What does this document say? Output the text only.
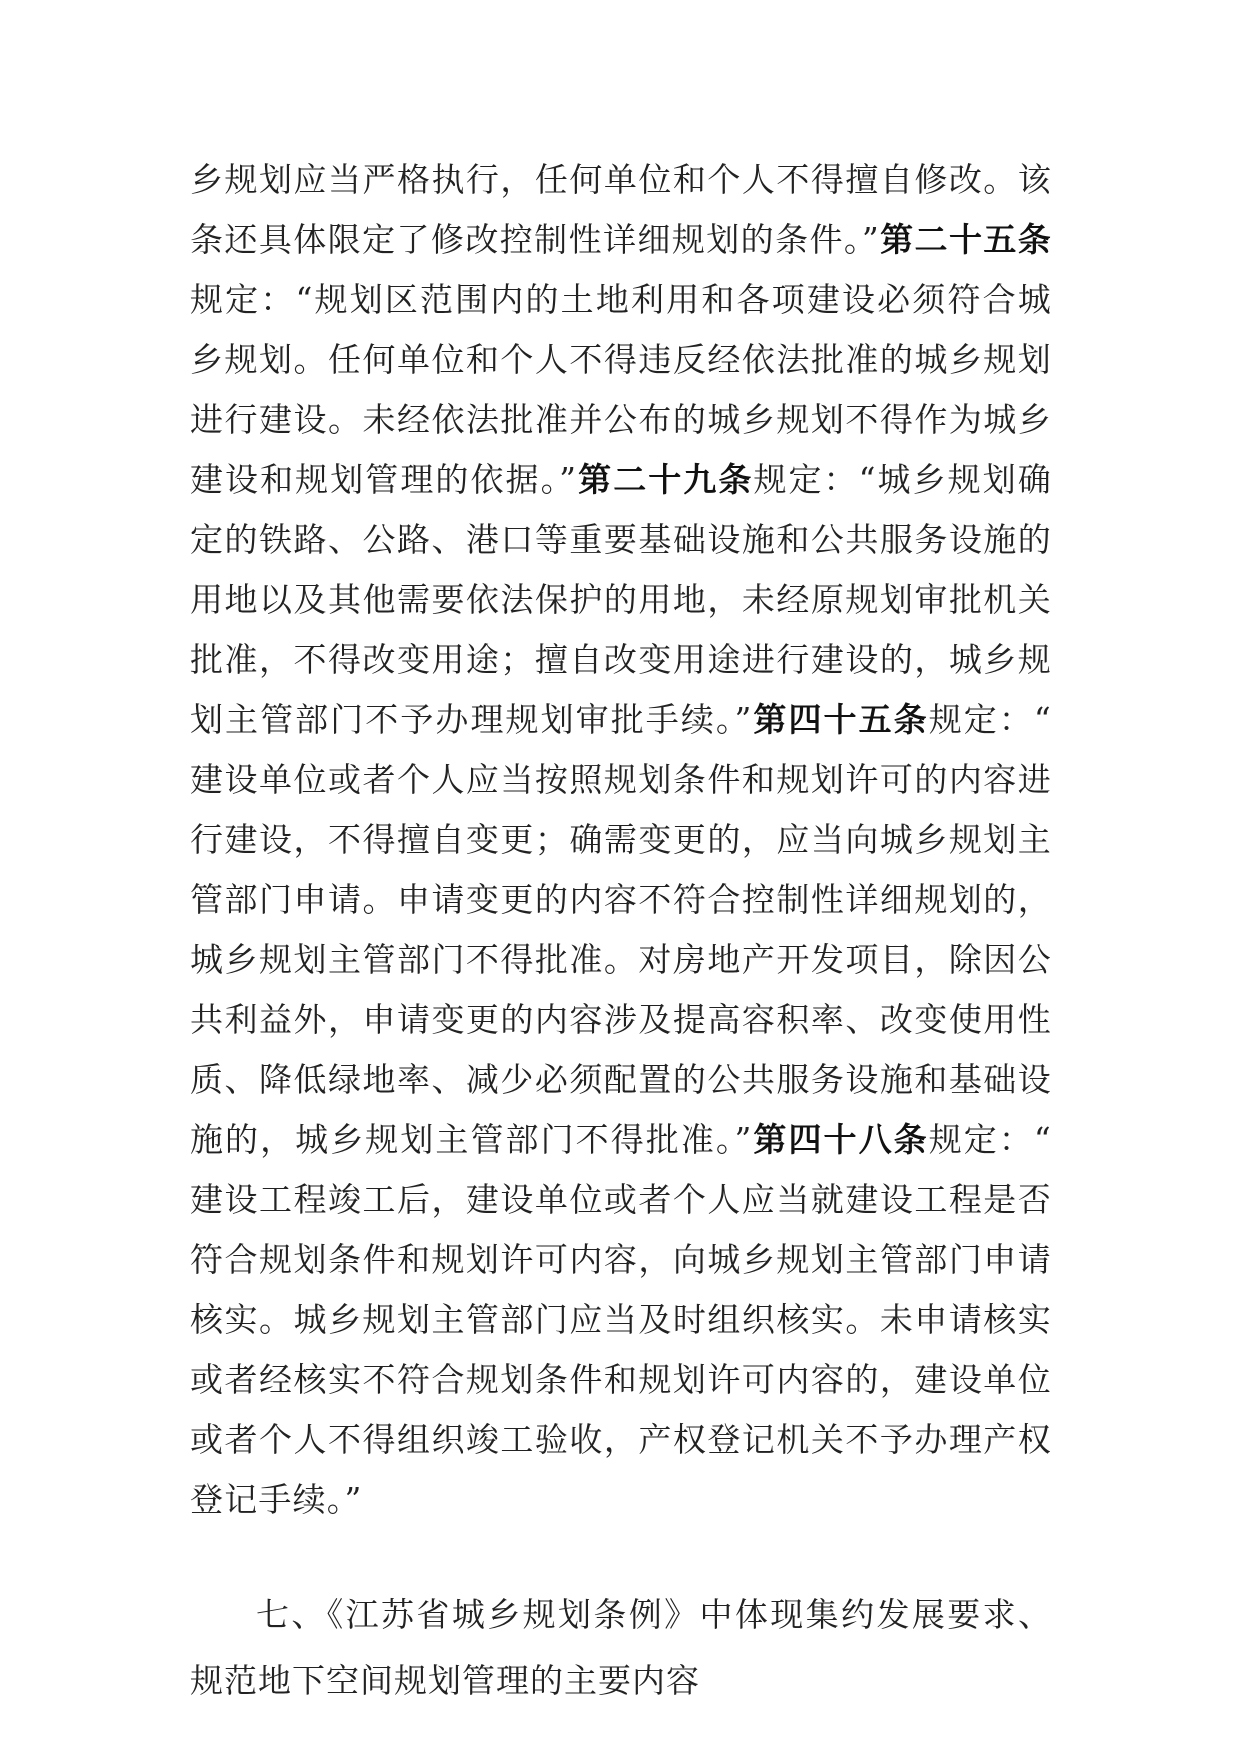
乡规划应当严格执行，任何单位和个人不得擅自修改。该条还具体限定了修改控制性详细规划的条件。”第二十五条规定：“规划区范围内的土地利用和各项建设必须符合城乡规划。任何单位和个人不得违反经依法批准的城乡规划进行建设。未经依法批准并公布的城乡规划不得作为城乡建设和规划管理的依据。”第二十九条规定：“城乡规划确定的铁路、公路、港口等重要基础设施和公共服务设施的用地以及其他需要依法保护的用地，未经原规划审批机关批准，不得改变用途；擅自改变用途进行建设的，城乡规划主管部门不予办理规划审批手续。”第四十五条规定：“建设单位或者个人应当按照规划条件和规划许可的内容进行建设，不得擅自变更；确需变更的，应当向城乡规划主管部门申请。申请变更的内容不符合控制性详细规划的，城乡规划主管部门不得批准。对房地产开发项目，除因公共利益外，申请变更的内容涉及提高容积率、改变使用性质、降低绿地率、减少必须配置的公共服务设施和基础设施的，城乡规划主管部门不得批准。”第四十八条规定：“建设工程竣工后，建设单位或者个人应当就建设工程是否符合规划条件和规划许可内容，向城乡规划主管部门申请核实。城乡规划主管部门应当及时组织核实。未申请核实或者经核实不符合规划条件和规划许可内容的，建设单位或者个人不得组织竣工验收，产权登记机关不予办理产权登记手续。”

七、《江苏省城乡规划条例》中体现集约发展要求、规范地下空间规划管理的主要内容
